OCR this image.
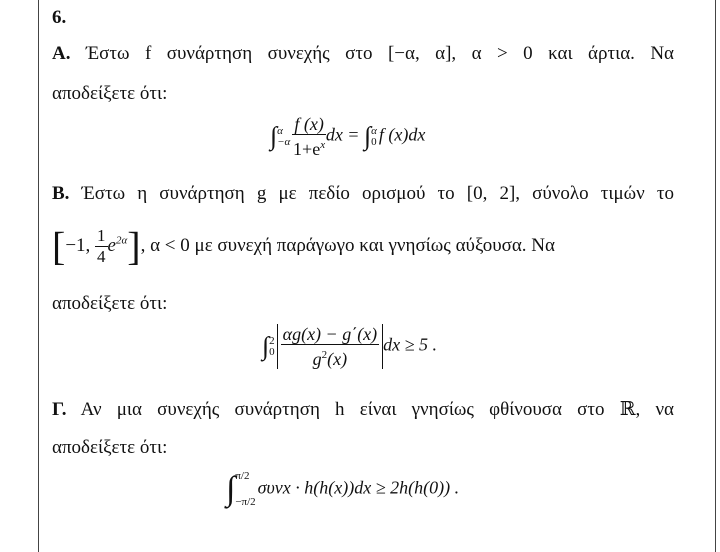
6.
Α. Έστω f συνάρτηση συνεχής στο [−α, α], α > 0 και άρτια. Να
αποδείξετε ότι:
∫α
$-\alpha \frac{f (x)}{1+e^x}$ dx = ∫α
0 f (x)dx
Β. Έστω η συνάρτηση g με πεδίο ορισμού το [0, 2], σύνολο τιμών το
[−1, $\frac{1}{4} e^{2\alpha}$], α < 0 με συνεχή παράγωγο και γνησίως αύξουσα. Να
αποδείξετε ότι:
∫2
$0 \frac{\alpha g(x) - g΄(x)}{g^2(x)}$ dx ≥ 5 .
Γ. Αν μια συνεχής συνάρτηση h είναι γνησίως φθίνουσα στο ℝ, να
αποδείξετε ότι:
∫π/2

−π/2συνx · h(h(x))dx ≥ 2h(h(0)) .
